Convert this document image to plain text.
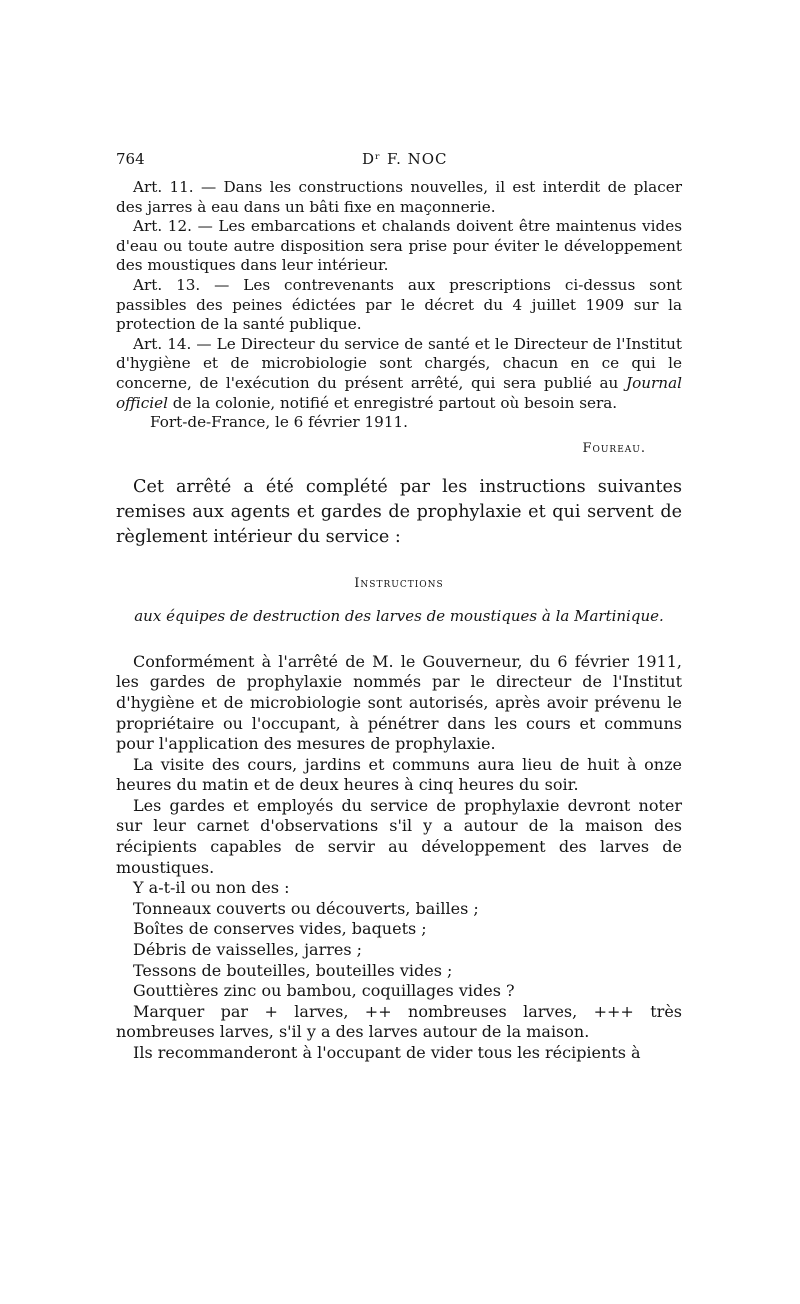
764	Dʳ F. NOC

Art. 11. — Dans les constructions nouvelles, il est interdit de placer des jarres à eau dans un bâti fixe en maçonnerie.

Art. 12. — Les embarcations et chalands doivent être maintenus vides d'eau ou toute autre disposition sera prise pour éviter le développement des moustiques dans leur intérieur.

Art. 13. — Les contrevenants aux prescriptions ci-dessus sont passibles des peines édictées par le décret du 4 juillet 1909 sur la protection de la santé publique.

Art. 14. — Le Directeur du service de santé et le Directeur de l'Institut d'hygiène et de microbiologie sont chargés, chacun en ce qui le concerne, de l'exécution du présent arrêté, qui sera publié au Journal officiel de la colonie, notifié et enregistré partout où besoin sera.

Fort-de-France, le 6 février 1911.

Foureau.

Cet arrêté a été complété par les instructions suivantes remises aux agents et gardes de prophylaxie et qui servent de règlement intérieur du service :

Instructions

aux équipes de destruction des larves de moustiques à la Martinique.

Conformément à l'arrêté de M. le Gouverneur, du 6 février 1911, les gardes de prophylaxie nommés par le directeur de l'Institut d'hygiène et de microbiologie sont autorisés, après avoir prévenu le propriétaire ou l'occupant, à pénétrer dans les cours et communs pour l'application des mesures de prophylaxie.

La visite des cours, jardins et communs aura lieu de huit à onze heures du matin et de deux heures à cinq heures du soir.

Les gardes et employés du service de prophylaxie devront noter sur leur carnet d'observations s'il y a autour de la maison des récipients capables de servir au développement des larves de moustiques.

Y a-t-il ou non des :

Tonneaux couverts ou découverts, bailles ;

Boîtes de conserves vides, baquets ;

Débris de vaisselles, jarres ;

Tessons de bouteilles, bouteilles vides ;

Gouttières zinc ou bambou, coquillages vides ?

Marquer par + larves, ++ nombreuses larves, +++ très nombreuses larves, s'il y a des larves autour de la maison.

Ils recommanderont à l'occupant de vider tous les récipients à
